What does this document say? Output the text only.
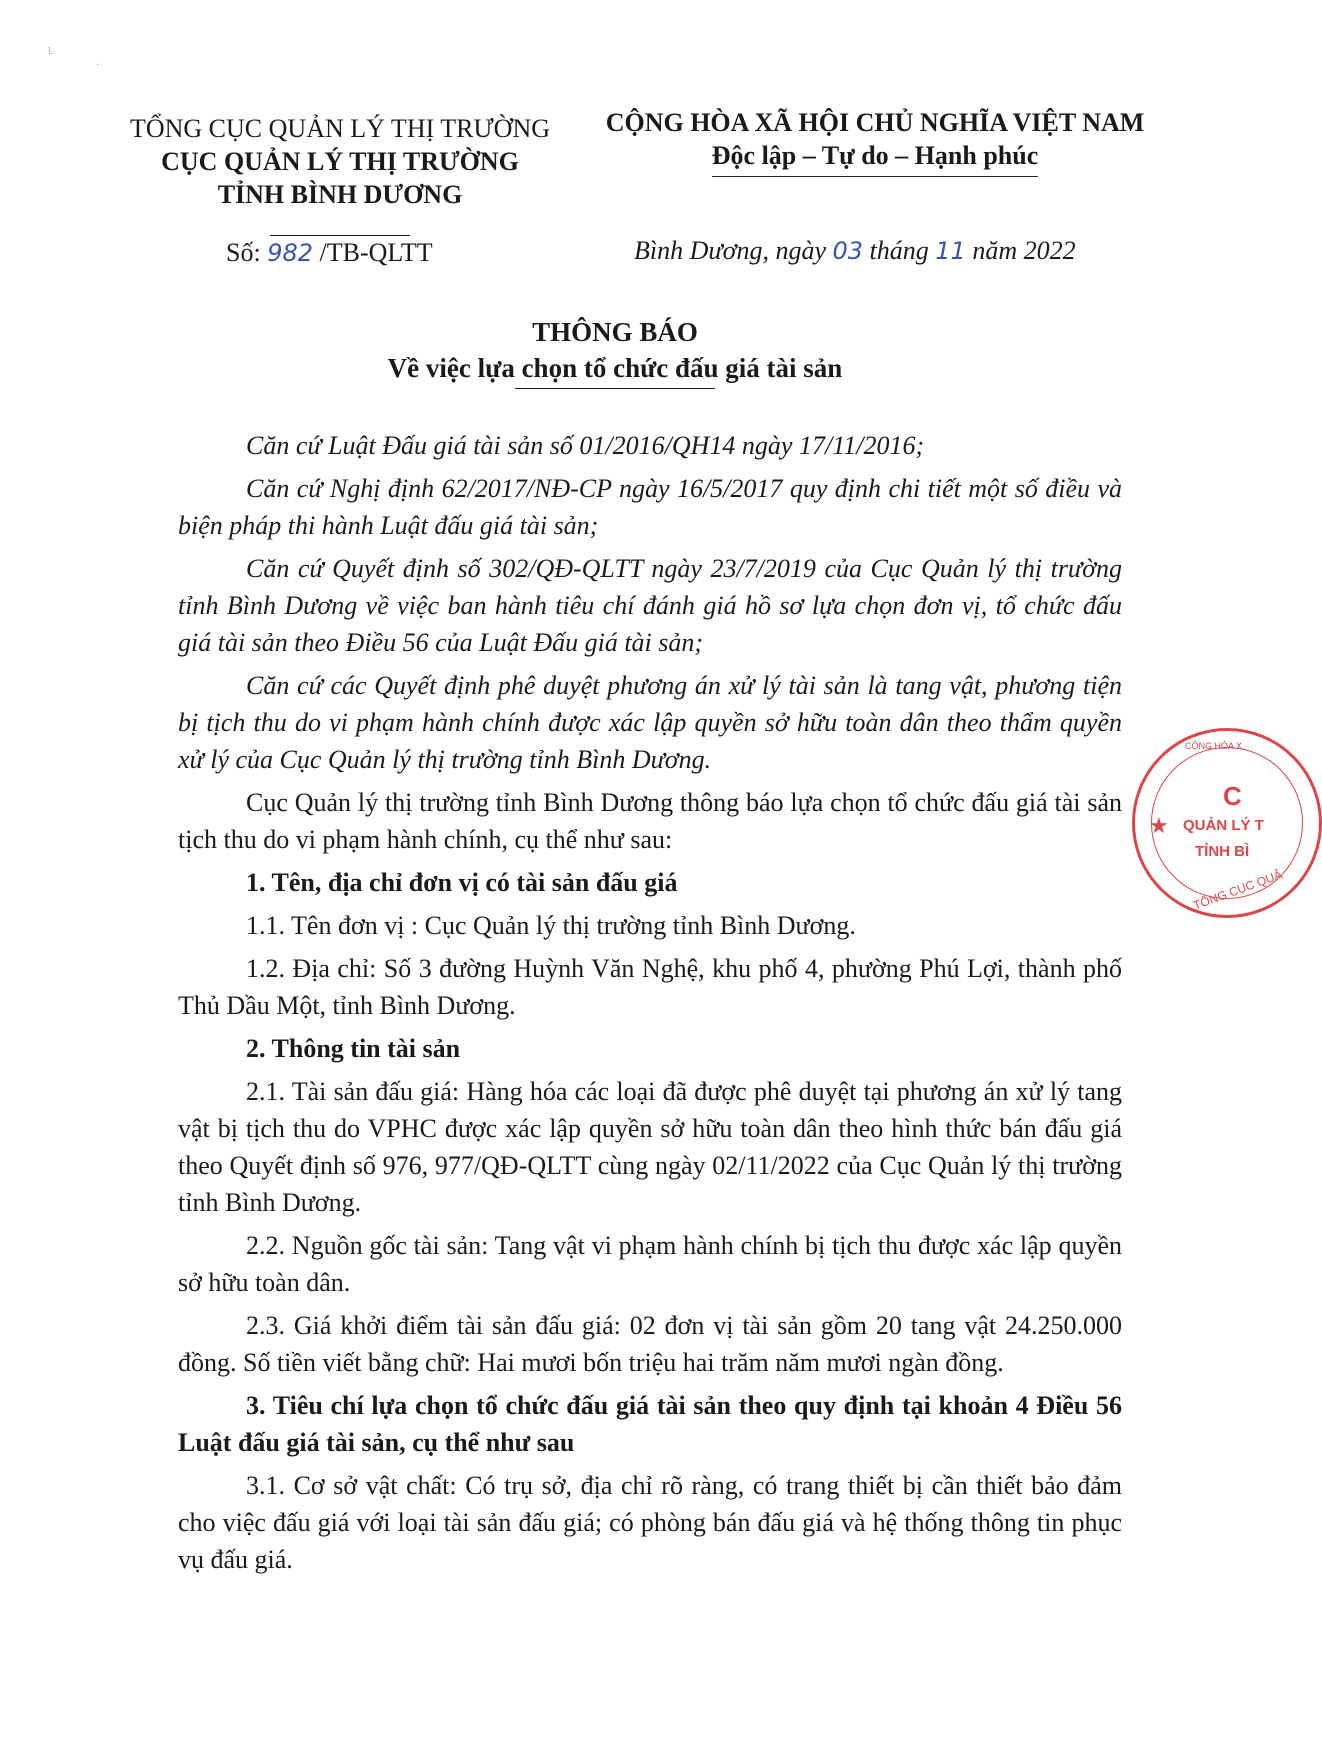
⁞.
·
TỔNG CỤC QUẢN LÝ THỊ TRƯỜNG
CỤC QUẢN LÝ THỊ TRƯỜNG
TỈNH BÌNH DƯƠNG
CỘNG HÒA XÃ HỘI CHỦ NGHĨA VIỆT NAM
Độc lập – Tự do – Hạnh phúc
Số: 982 /TB-QLTT	Bình Dương, ngày 03 tháng 11 năm 2022
THÔNG BÁO
Về việc lựa chọn tổ chức đấu giá tài sản

Căn cứ Luật Đấu giá tài sản số 01/2016/QH14 ngày 17/11/2016;

Căn cứ Nghị định 62/2017/NĐ-CP ngày 16/5/2017 quy định chi tiết một số điều và biện pháp thi hành Luật đấu giá tài sản;

Căn cứ Quyết định số 302/QĐ-QLTT ngày 23/7/2019 của Cục Quản lý thị trường tỉnh Bình Dương về việc ban hành tiêu chí đánh giá hồ sơ lựa chọn đơn vị, tổ chức đấu giá tài sản theo Điều 56 của Luật Đấu giá tài sản;

Căn cứ các Quyết định phê duyệt phương án xử lý tài sản là tang vật, phương tiện bị tịch thu do vi phạm hành chính được xác lập quyền sở hữu toàn dân theo thẩm quyền xử lý của Cục Quản lý thị trường tỉnh Bình Dương.

Cục Quản lý thị trường tỉnh Bình Dương thông báo lựa chọn tổ chức đấu giá tài sản tịch thu do vi phạm hành chính, cụ thể như sau:

1. Tên, địa chỉ đơn vị có tài sản đấu giá

1.1. Tên đơn vị : Cục Quản lý thị trường tỉnh Bình Dương.

1.2. Địa chỉ: Số 3 đường Huỳnh Văn Nghệ, khu phố 4, phường Phú Lợi, thành phố Thủ Dầu Một, tỉnh Bình Dương.

2. Thông tin tài sản

2.1. Tài sản đấu giá: Hàng hóa các loại đã được phê duyệt tại phương án xử lý tang vật bị tịch thu do VPHC được xác lập quyền sở hữu toàn dân theo hình thức bán đấu giá theo Quyết định số 976, 977/QĐ-QLTT cùng ngày 02/11/2022 của Cục Quản lý thị trường tỉnh Bình Dương.

2.2. Nguồn gốc tài sản: Tang vật vi phạm hành chính bị tịch thu được xác lập quyền sở hữu toàn dân.

2.3. Giá khởi điểm tài sản đấu giá: 02 đơn vị tài sản gồm 20 tang vật 24.250.000 đồng. Số tiền viết bằng chữ: Hai mươi bốn triệu hai trăm năm mươi ngàn đồng.

3. Tiêu chí lựa chọn tổ chức đấu giá tài sản theo quy định tại khoản 4 Điều 56 Luật đấu giá tài sản, cụ thể như sau

3.1. Cơ sở vật chất: Có trụ sở, địa chỉ rõ ràng, có trang thiết bị cần thiết bảo đảm cho việc đấu giá với loại tài sản đấu giá; có phòng bán đấu giá và hệ thống thông tin phục vụ đấu giá.

CỘNG HÒA X
★
C
QUẢN LÝ T
TỈNH BÌ
TỔNG CỤC QUẢ
